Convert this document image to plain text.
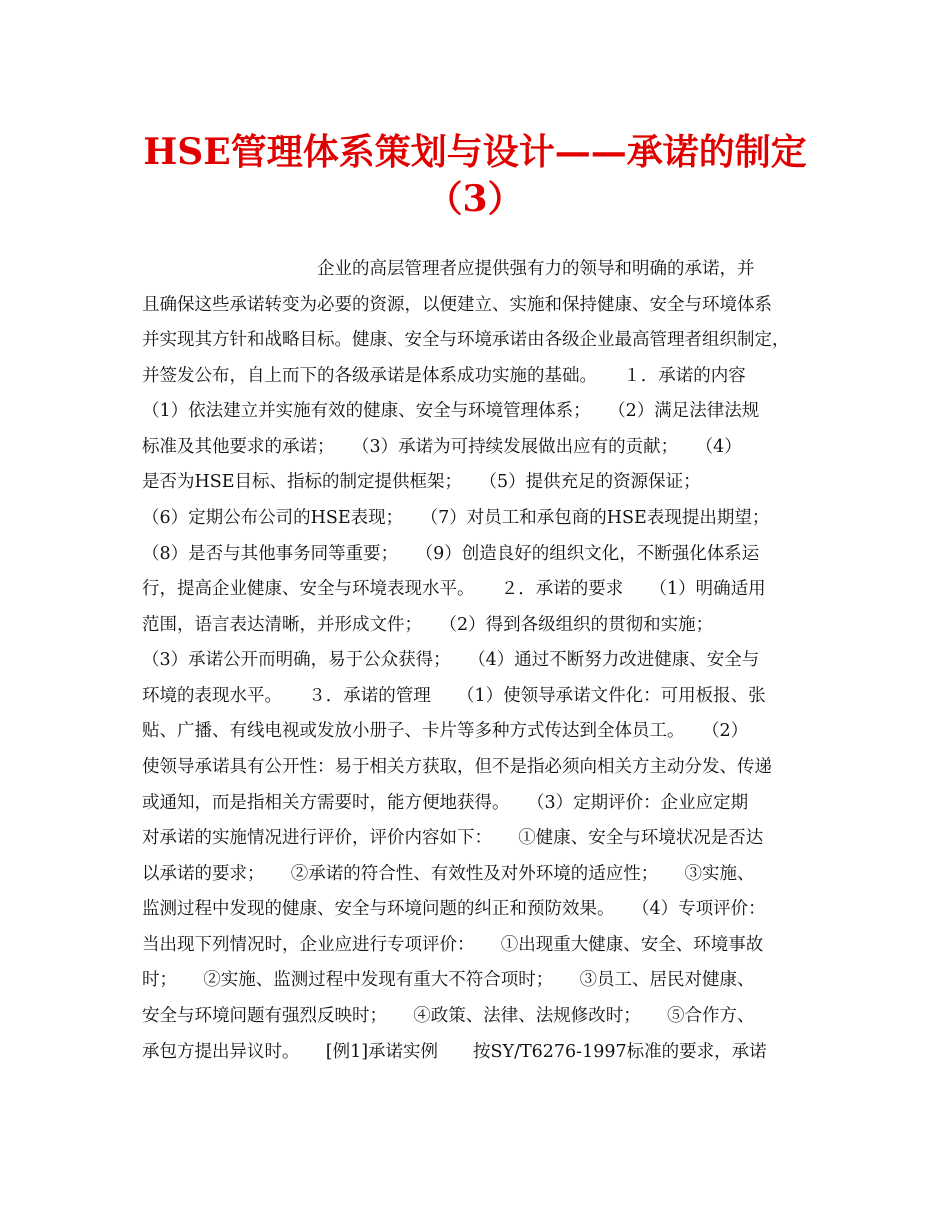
HSE管理体系策划与设计——承诺的制定
（3）
　　　　　　　　　　企业的高层管理者应提供强有力的领导和明确的承诺，并
且确保这些承诺转变为必要的资源，以便建立、实施和保持健康、安全与环境体系
并实现其方针和战略目标。健康、安全与环境承诺由各级企业最高管理者组织制定，
并签发公布，自上而下的各级承诺是体系成功实施的基础。　　１．承诺的内容
（1）依法建立并实施有效的健康、安全与环境管理体系；　　（2）满足法律法规
标准及其他要求的承诺；　　（3）承诺为可持续发展做出应有的贡献；　　（4）
是否为HSE目标、指标的制定提供框架；　　（5）提供充足的资源保证；
（6）定期公布公司的HSE表现；　　（7）对员工和承包商的HSE表现提出期望；
（8）是否与其他事务同等重要；　　（9）创造良好的组织文化，不断强化体系运
行，提高企业健康、安全与环境表现水平。　　２．承诺的要求　　（1）明确适用
范围，语言表达清晰，并形成文件；　　（2）得到各级组织的贯彻和实施；
（3）承诺公开而明确，易于公众获得；　　（4）通过不断努力改进健康、安全与
环境的表现水平。　　３．承诺的管理　　（1）使领导承诺文件化：可用板报、张
贴、广播、有线电视或发放小册子、卡片等多种方式传达到全体员工。　　（2）
使领导承诺具有公开性：易于相关方获取，但不是指必须向相关方主动分发、传递
或通知，而是指相关方需要时，能方便地获得。　　（3）定期评价：企业应定期
对承诺的实施情况进行评价，评价内容如下：　　①健康、安全与环境状况是否达
以承诺的要求；　　②承诺的符合性、有效性及对外环境的适应性；　　③实施、
监测过程中发现的健康、安全与环境问题的纠正和预防效果。　　（4）专项评价：
当出现下列情况时，企业应进行专项评价：　　①出现重大健康、安全、环境事故
时；　　②实施、监测过程中发现有重大不符合项时；　　③员工、居民对健康、
安全与环境问题有强烈反映时；　　④政策、法律、法规修改时；　　⑤合作方、
承包方提出异议时。　　[例1]承诺实例　　按SY/T6276-1997标准的要求，承诺
